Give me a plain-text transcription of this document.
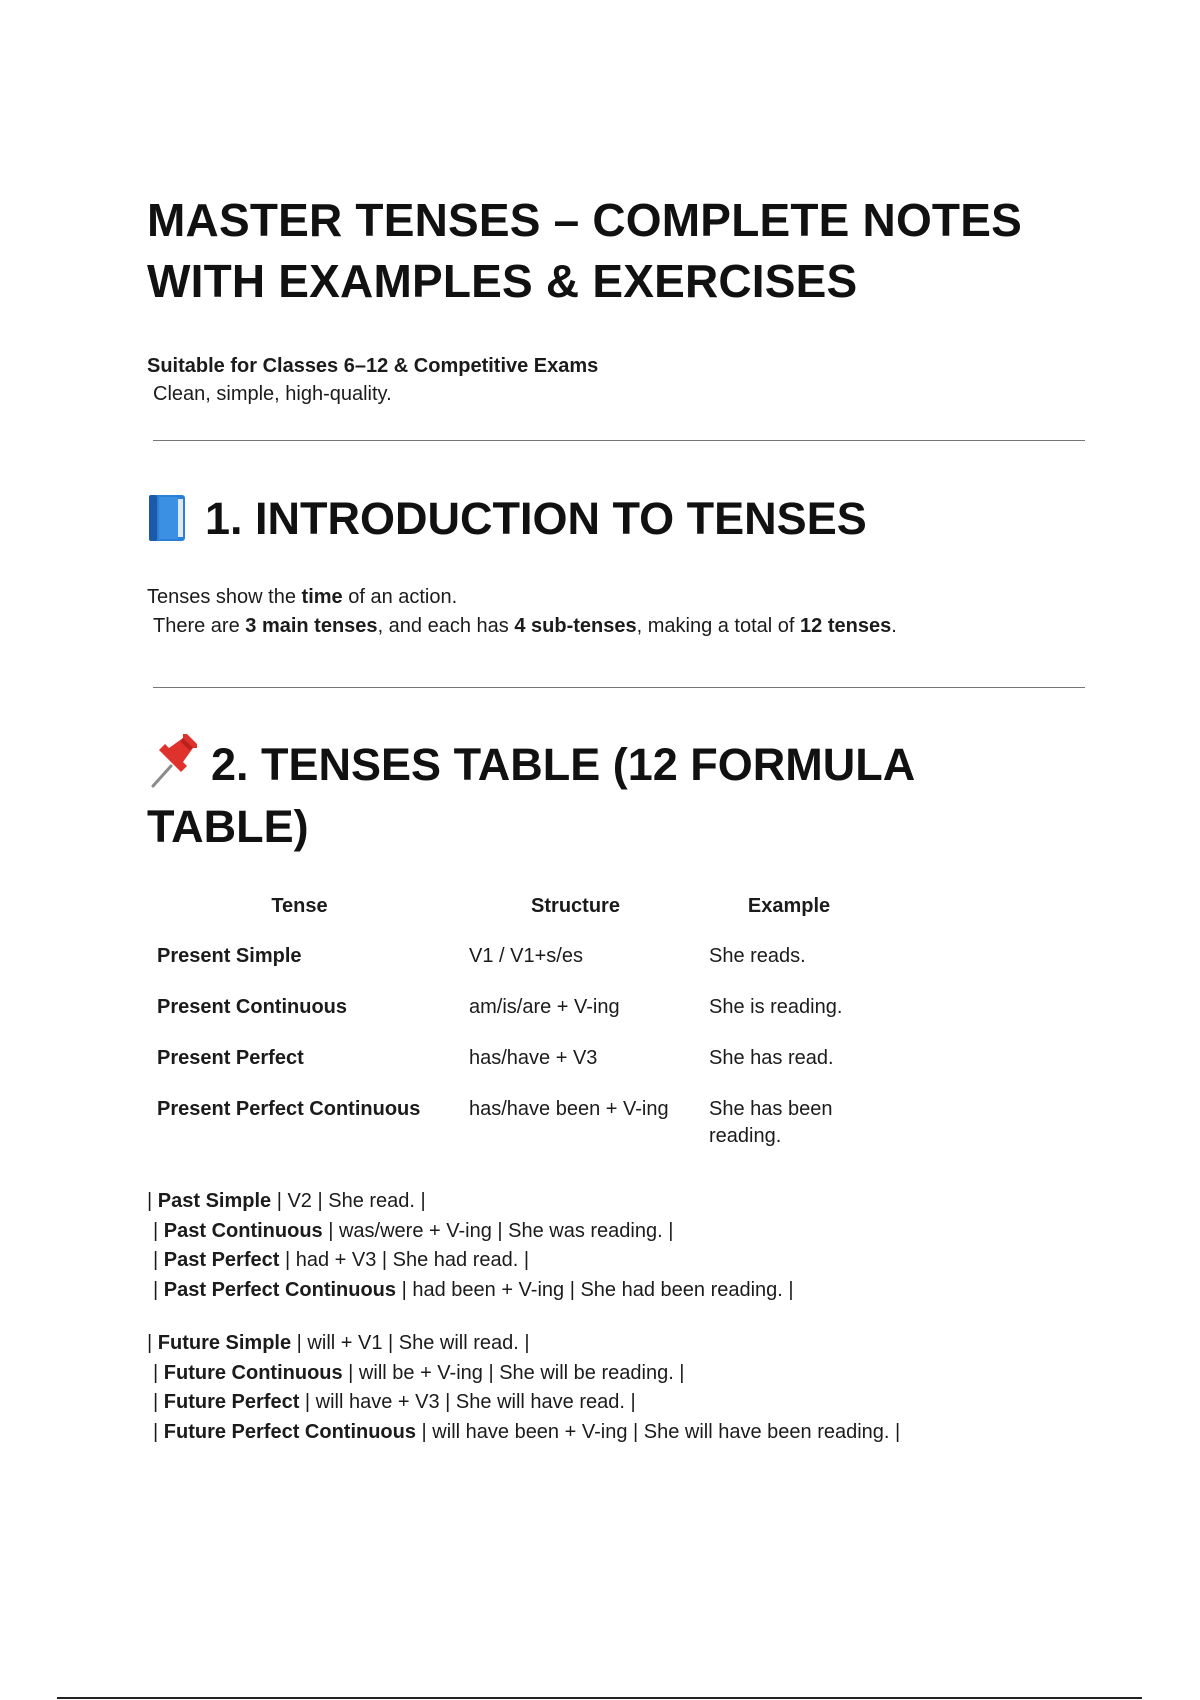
MASTER TENSES – COMPLETE NOTES
WITH EXAMPLES & EXERCISES
Suitable for Classes 6–12 & Competitive Exams
Clean, simple, high-quality.
1. INTRODUCTION TO TENSES
Tenses show the time of an action.
There are 3 main tenses, and each has 4 sub-tenses, making a total of 12 tenses.
2. TENSES TABLE (12 FORMULA
TABLE)
Tense	Structure	Example
Present Simple	V1 / V1+s/es	She reads.
Present Continuous	am/is/are + V-ing	She is reading.
Present Perfect	has/have + V3	She has read.
Present Perfect Continuous	has/have been + V-ing	She has been reading.
| Past Simple | V2 | She read. |
| Past Continuous | was/were + V-ing | She was reading. |
| Past Perfect | had + V3 | She had read. |
| Past Perfect Continuous | had been + V-ing | She had been reading. |
| Future Simple | will + V1 | She will read. |
| Future Continuous | will be + V-ing | She will be reading. |
| Future Perfect | will have + V3 | She will have read. |
| Future Perfect Continuous | will have been + V-ing | She will have been reading. |
